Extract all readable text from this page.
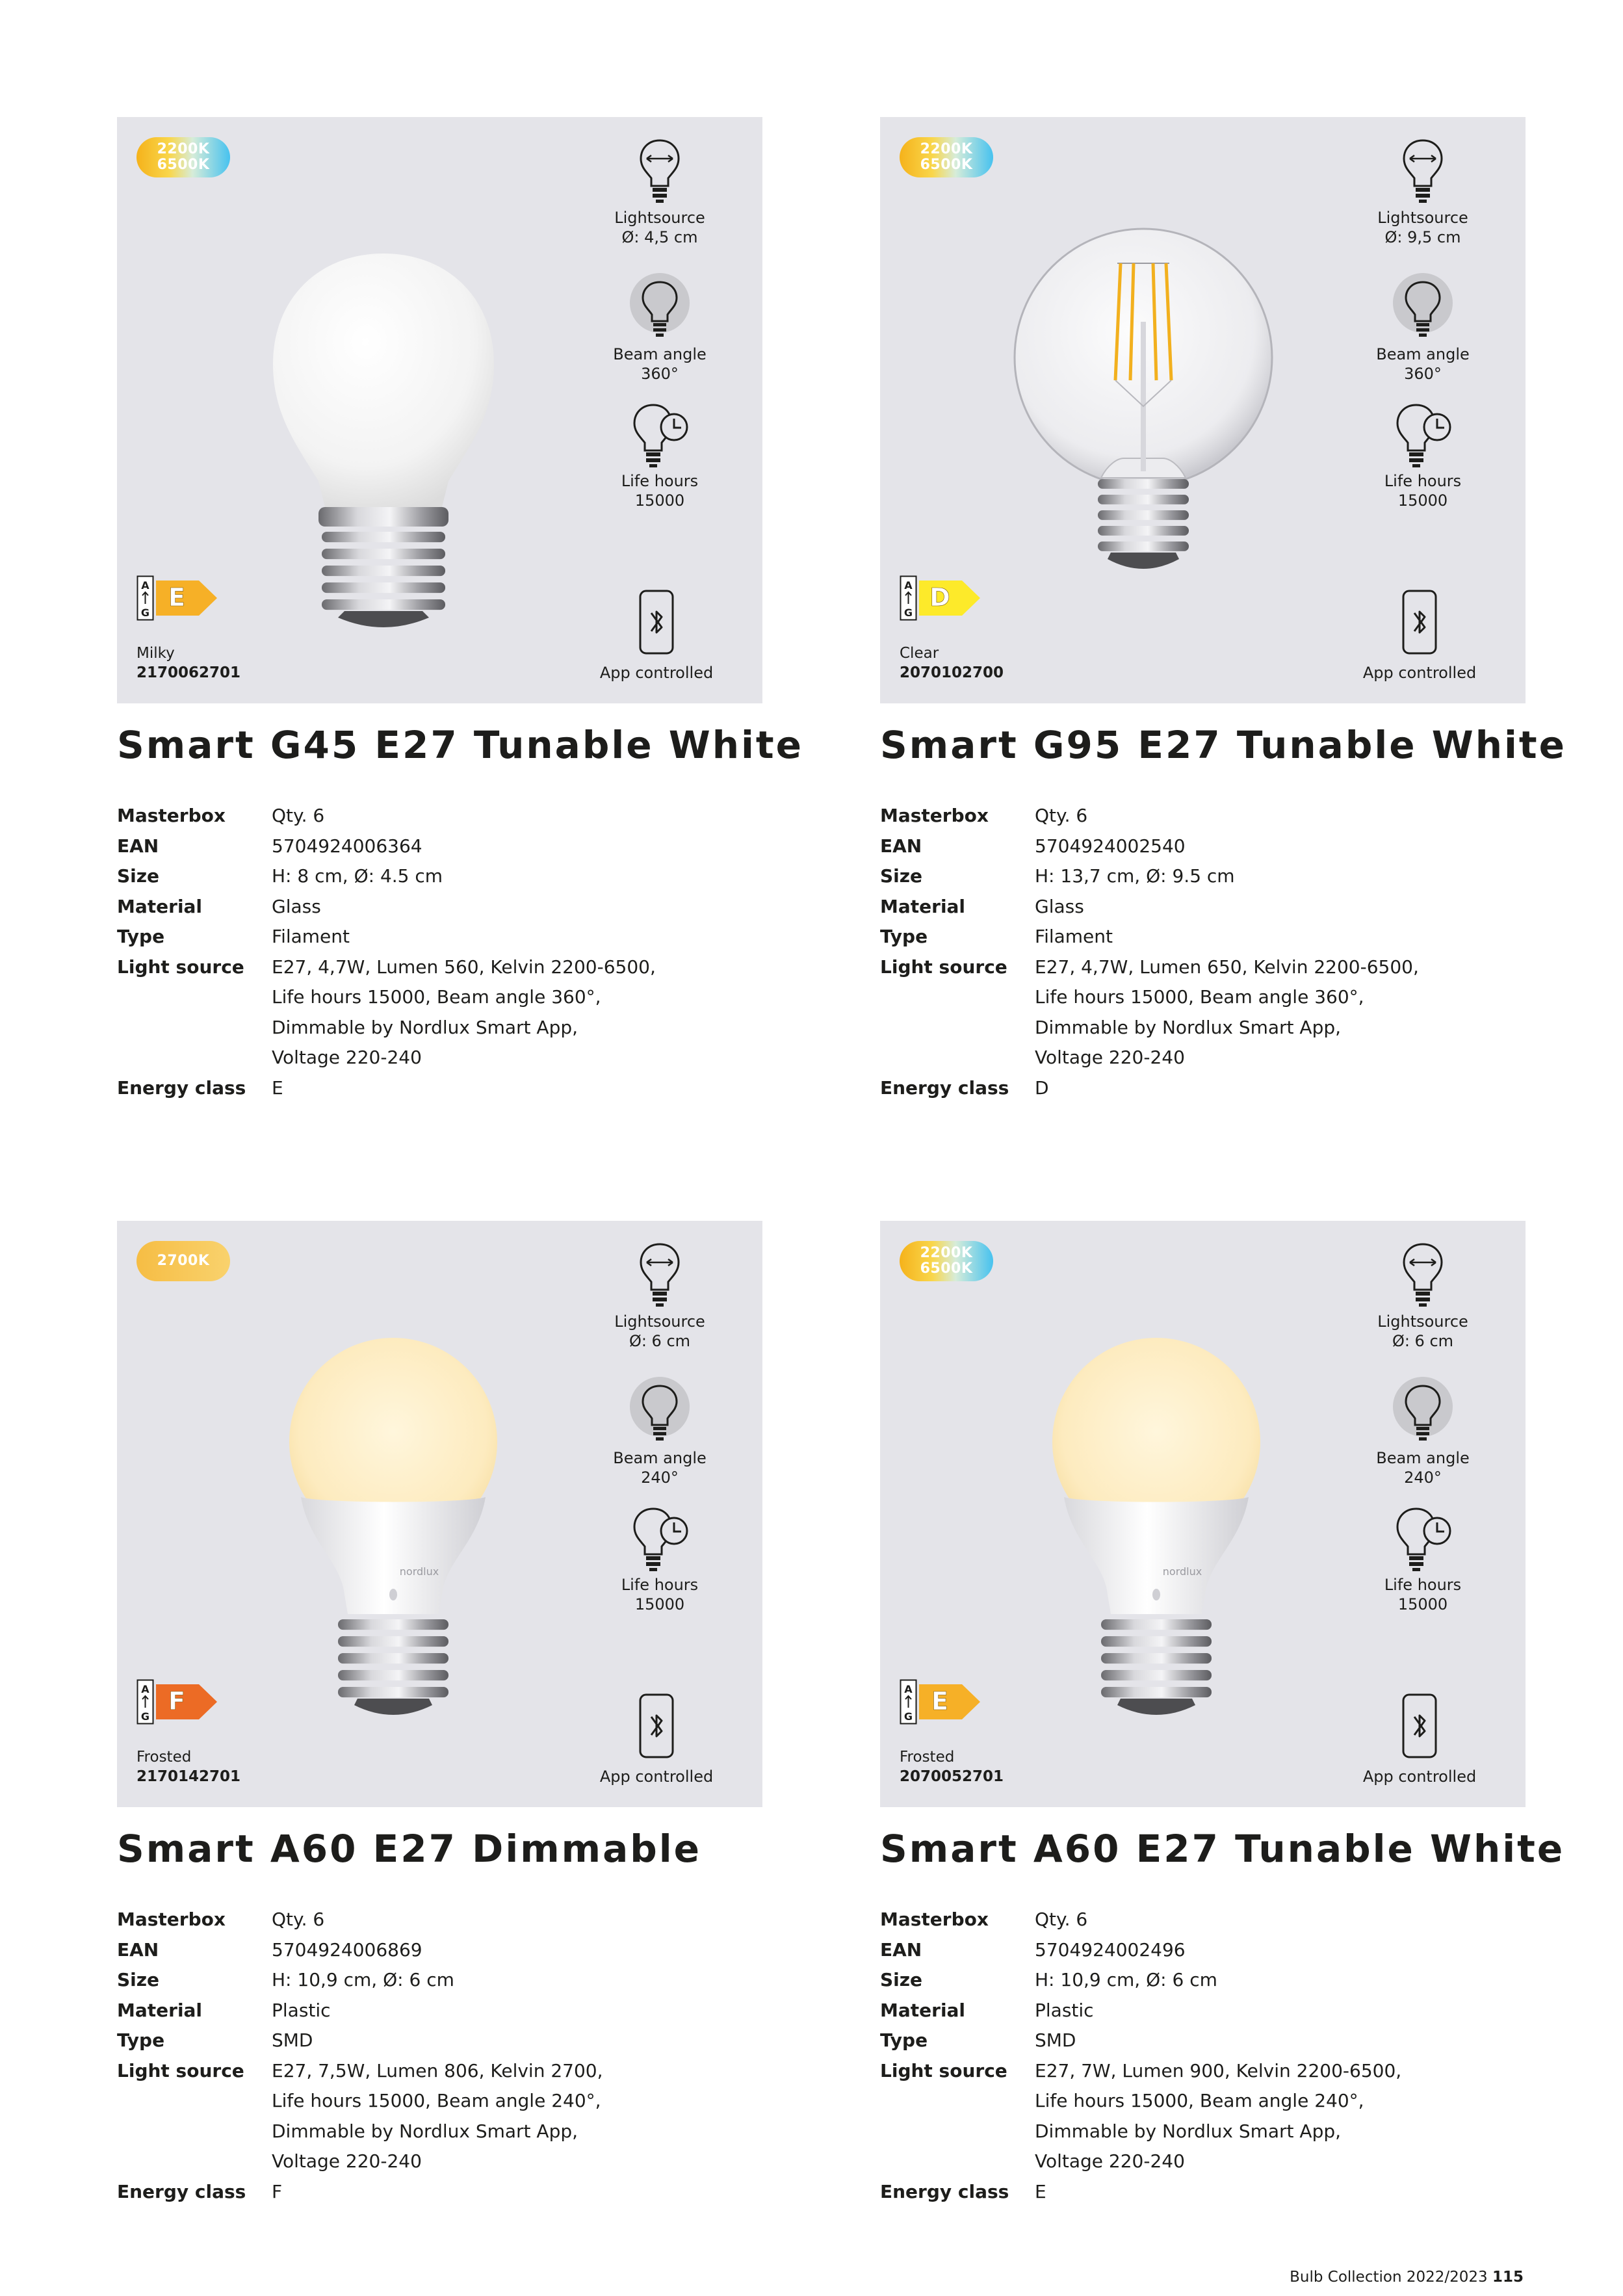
Bulb Collection 2022/2023 115
2200K
6500K
Lightsource
Ø: 4,5 cm
Beam angle
360°
Life hours
15000
App controlled
A
G
E
Milky
2170062701
Smart G45 E27 Tunable White
Masterbox	Qty. 6
EAN	5704924006364
Size	H: 8 cm, Ø: 4.5 cm
Material	Glass
Type	Filament
Light source	E27, 4,7W, Lumen 560, Kelvin 2200-6500,
Life hours 15000, Beam angle 360°,
Dimmable by Nordlux Smart App,
Voltage 220-240
Energy class	E
2200K
6500K
Lightsource
Ø: 9,5 cm
Beam angle
360°
Life hours
15000
App controlled
A
G
D
Clear
2070102700
Smart G95 E27 Tunable White
Masterbox	Qty. 6
EAN	5704924002540
Size	H: 13,7 cm, Ø: 9.5 cm
Material	Glass
Type	Filament
Light source	E27, 4,7W, Lumen 650, Kelvin 2200-6500,
Life hours 15000, Beam angle 360°,
Dimmable by Nordlux Smart App,
Voltage 220-240
Energy class	D
2700K
nordlux
Lightsource
Ø: 6 cm
Beam angle
240°
Life hours
15000
App controlled
A
G
F
Frosted
2170142701
Smart A60 E27 Dimmable
Masterbox	Qty. 6
EAN	5704924006869
Size	H: 10,9 cm, Ø: 6 cm
Material	Plastic
Type	SMD
Light source	E27, 7,5W, Lumen 806, Kelvin 2700,
Life hours 15000, Beam angle 240°,
Dimmable by Nordlux Smart App,
Voltage 220-240
Energy class	F
2200K
6500K
nordlux
Lightsource
Ø: 6 cm
Beam angle
240°
Life hours
15000
App controlled
A
G
E
Frosted
2070052701
Smart A60 E27 Tunable White
Masterbox	Qty. 6
EAN	5704924002496
Size	H: 10,9 cm, Ø: 6 cm
Material	Plastic
Type	SMD
Light source	E27, 7W, Lumen 900, Kelvin 2200-6500,
Life hours 15000, Beam angle 240°,
Dimmable by Nordlux Smart App,
Voltage 220-240
Energy class	E
